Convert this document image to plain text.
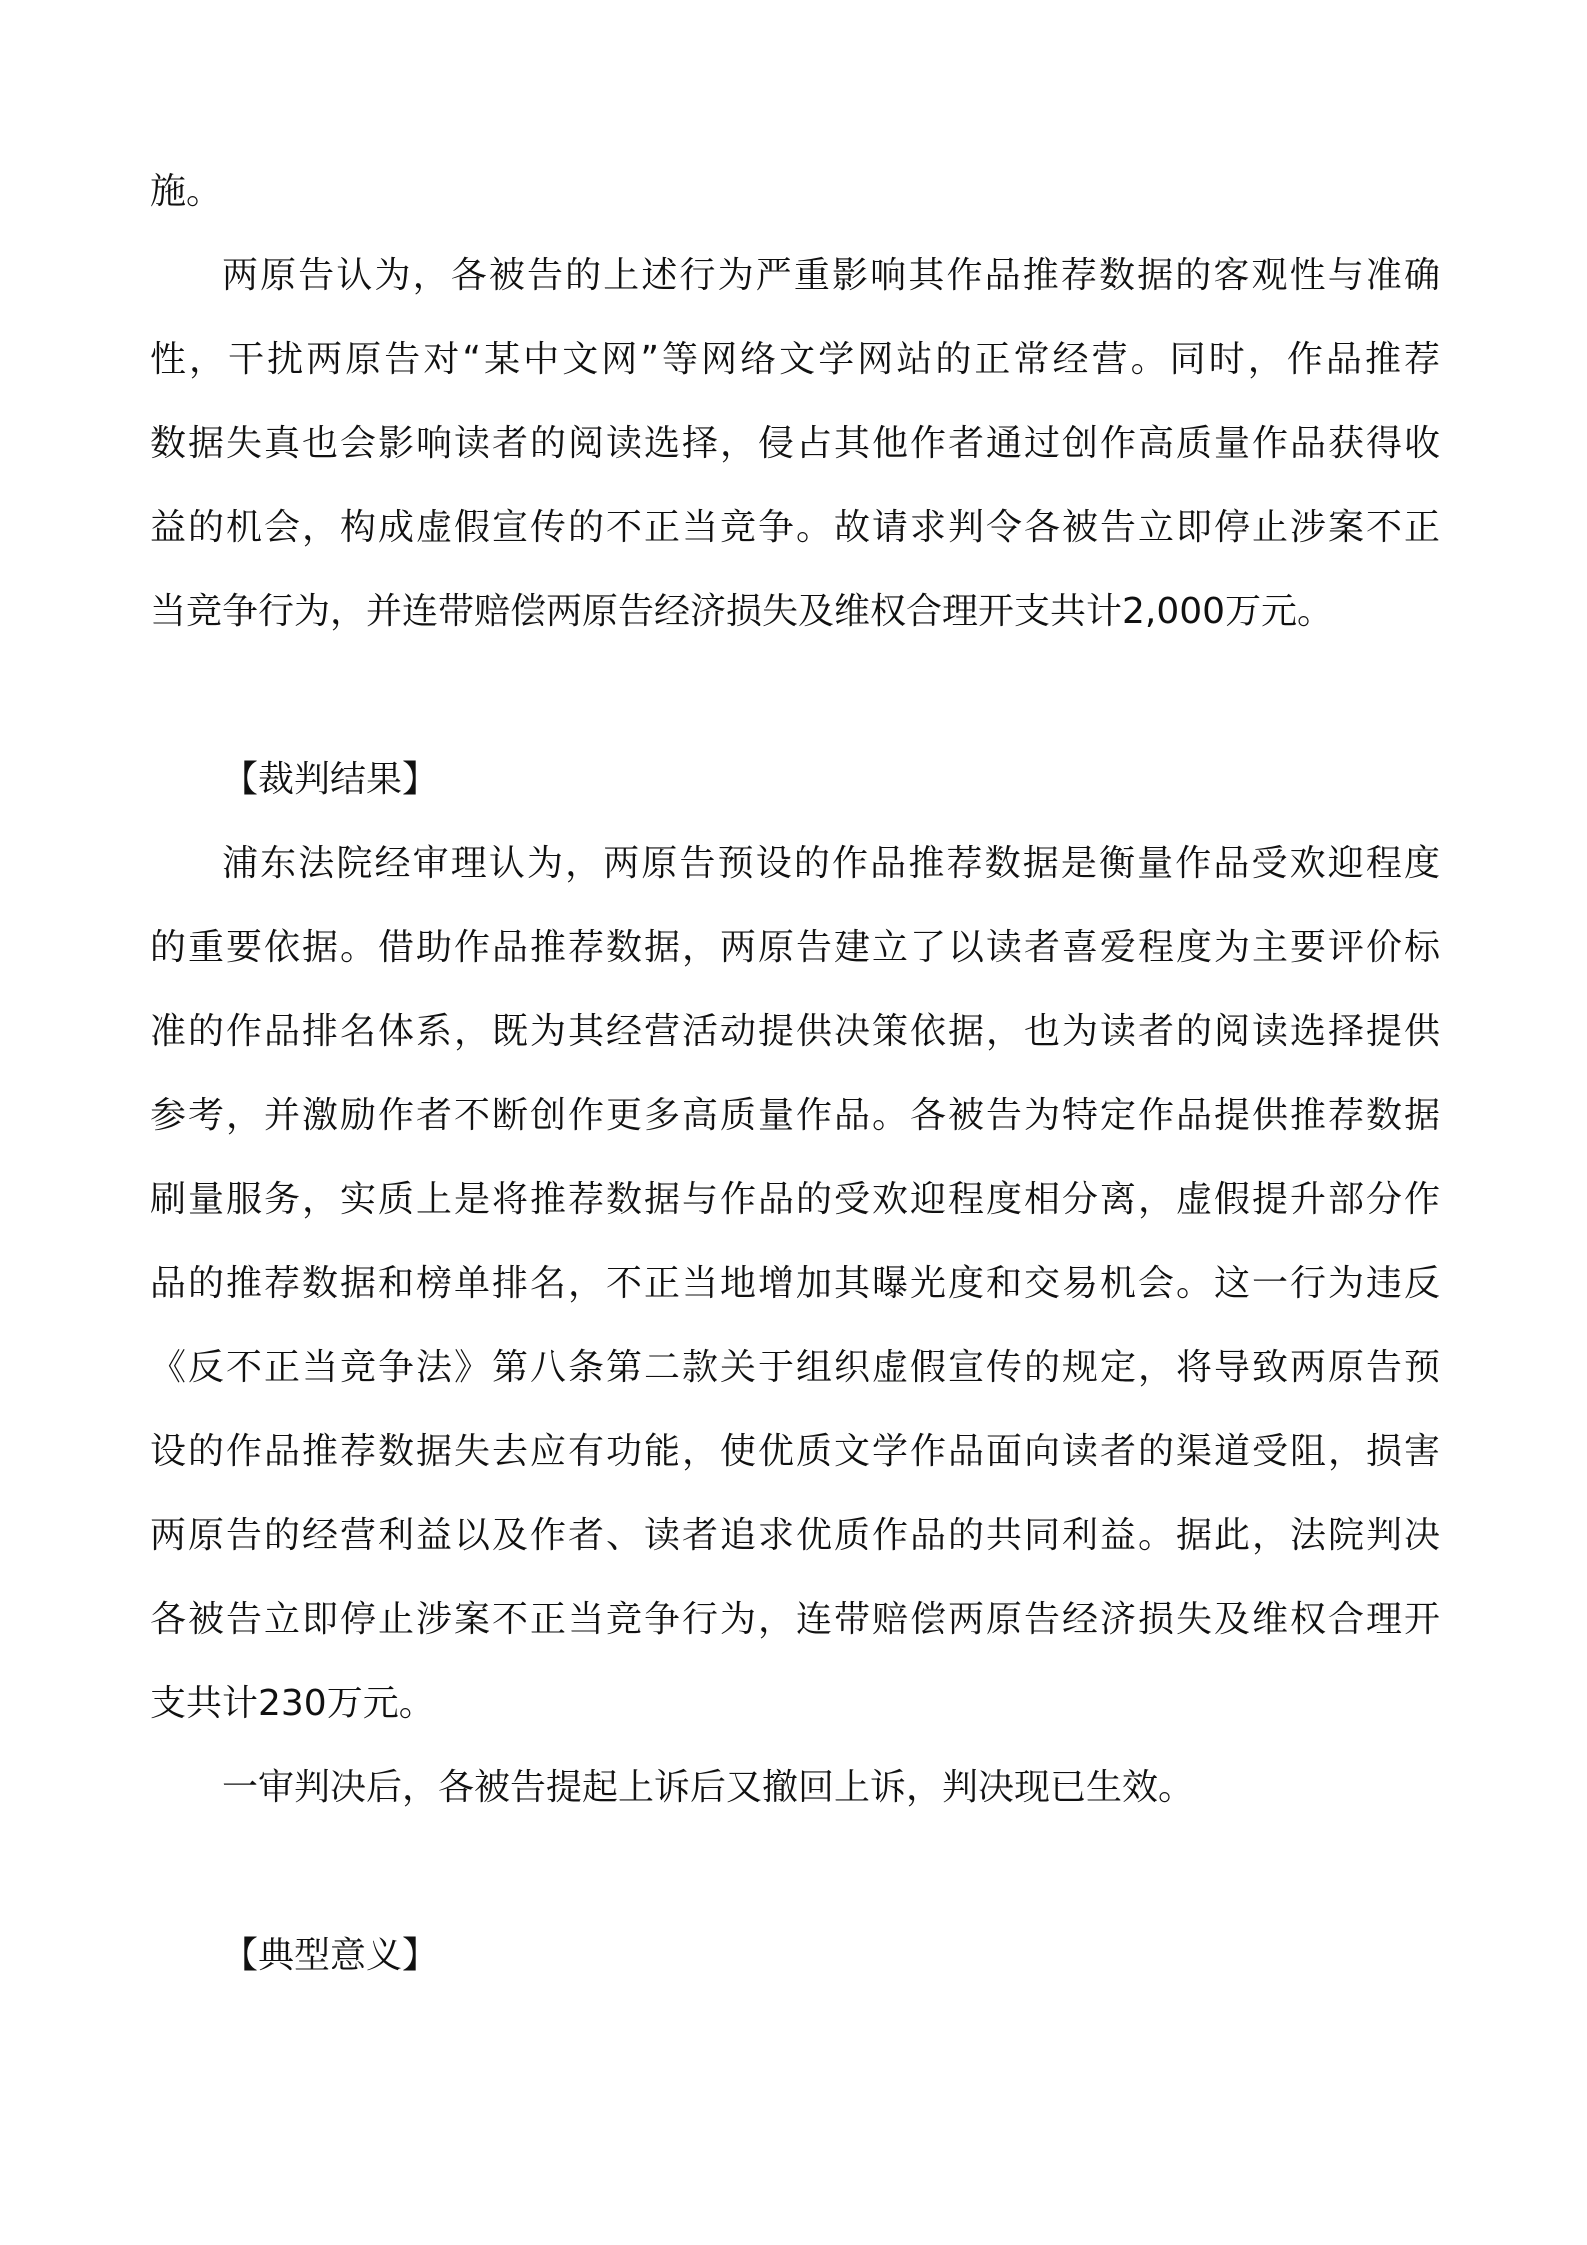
施。

两原告认为，各被告的上述行为严重影响其作品推荐数据的客观性与准确

性，干扰两原告对“某中文网”等网络文学网站的正常经营。同时，作品推荐

数据失真也会影响读者的阅读选择，侵占其他作者通过创作高质量作品获得收

益的机会，构成虚假宣传的不正当竞争。故请求判令各被告立即停止涉案不正

当竞争行为，并连带赔偿两原告经济损失及维权合理开支共计2,000万元。

【裁判结果】

浦东法院经审理认为，两原告预设的作品推荐数据是衡量作品受欢迎程度

的重要依据。借助作品推荐数据，两原告建立了以读者喜爱程度为主要评价标

准的作品排名体系，既为其经营活动提供决策依据，也为读者的阅读选择提供

参考，并激励作者不断创作更多高质量作品。各被告为特定作品提供推荐数据

刷量服务，实质上是将推荐数据与作品的受欢迎程度相分离，虚假提升部分作

品的推荐数据和榜单排名，不正当地增加其曝光度和交易机会。这一行为违反

《反不正当竞争法》第八条第二款关于组织虚假宣传的规定，将导致两原告预

设的作品推荐数据失去应有功能，使优质文学作品面向读者的渠道受阻，损害

两原告的经营利益以及作者、读者追求优质作品的共同利益。据此，法院判决

各被告立即停止涉案不正当竞争行为，连带赔偿两原告经济损失及维权合理开

支共计230万元。

一审判决后，各被告提起上诉后又撤回上诉，判决现已生效。

【典型意义】
